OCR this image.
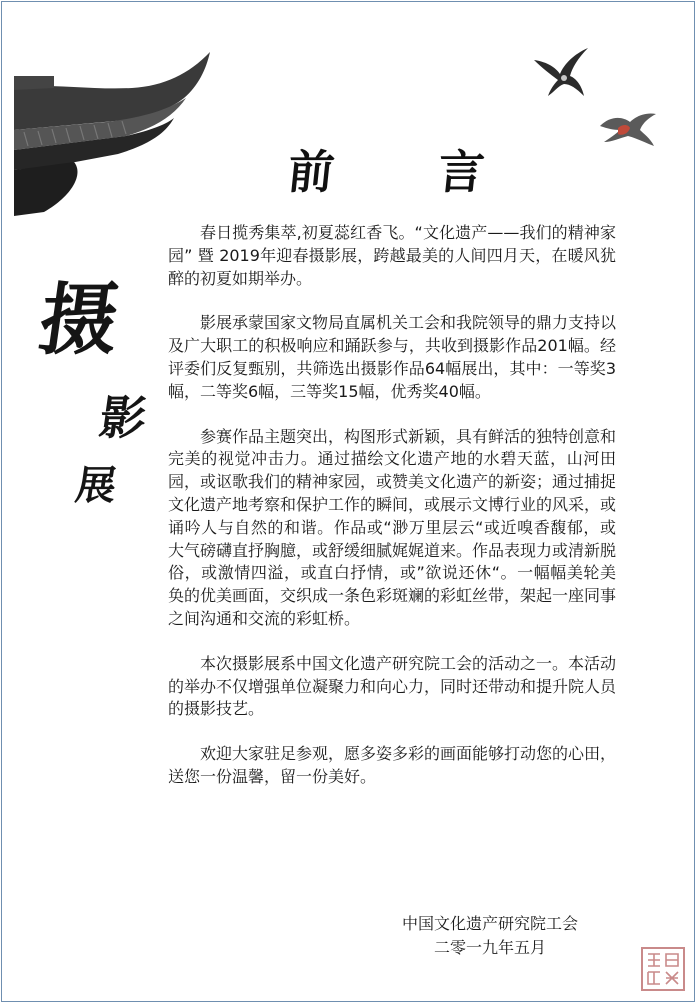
前 言
摄
影
展

春日揽秀集萃,初夏蕊红香飞。“文化遗产——我们的精神家园” 暨 2019年迎春摄影展，跨越最美的人间四月天，在暖风犹醉的初夏如期举办。

影展承蒙国家文物局直属机关工会和我院领导的鼎力支持以及广大职工的积极响应和踊跃参与，共收到摄影作品201幅。经评委们反复甄别，共筛选出摄影作品64幅展出，其中：一等奖3幅，二等奖6幅，三等奖15幅，优秀奖40幅。

参赛作品主题突出，构图形式新颖，具有鲜活的独特创意和完美的视觉冲击力。通过描绘文化遗产地的水碧天蓝，山河田园，或讴歌我们的精神家园，或赞美文化遗产的新姿；通过捕捉文化遗产地考察和保护工作的瞬间，或展示文博行业的风采，或诵吟人与自然的和谐。作品或“渺万里层云“或近嗅香馥郁，或大气磅礴直抒胸臆，或舒缓细腻娓娓道来。作品表现力或清新脱俗，或激情四溢，或直白抒情，或”欲说还休“。一幅幅美轮美奂的优美画面，交织成一条色彩斑斓的彩虹丝带，架起一座同事之间沟通和交流的彩虹桥。

本次摄影展系中国文化遗产研究院工会的活动之一。本活动的举办不仅增强单位凝聚力和向心力，同时还带动和提升院人员的摄影技艺。

欢迎大家驻足参观，愿多姿多彩的画面能够打动您的心田，送您一份温馨，留一份美好。

中国文化遗产研究院工会
二零一九年五月
